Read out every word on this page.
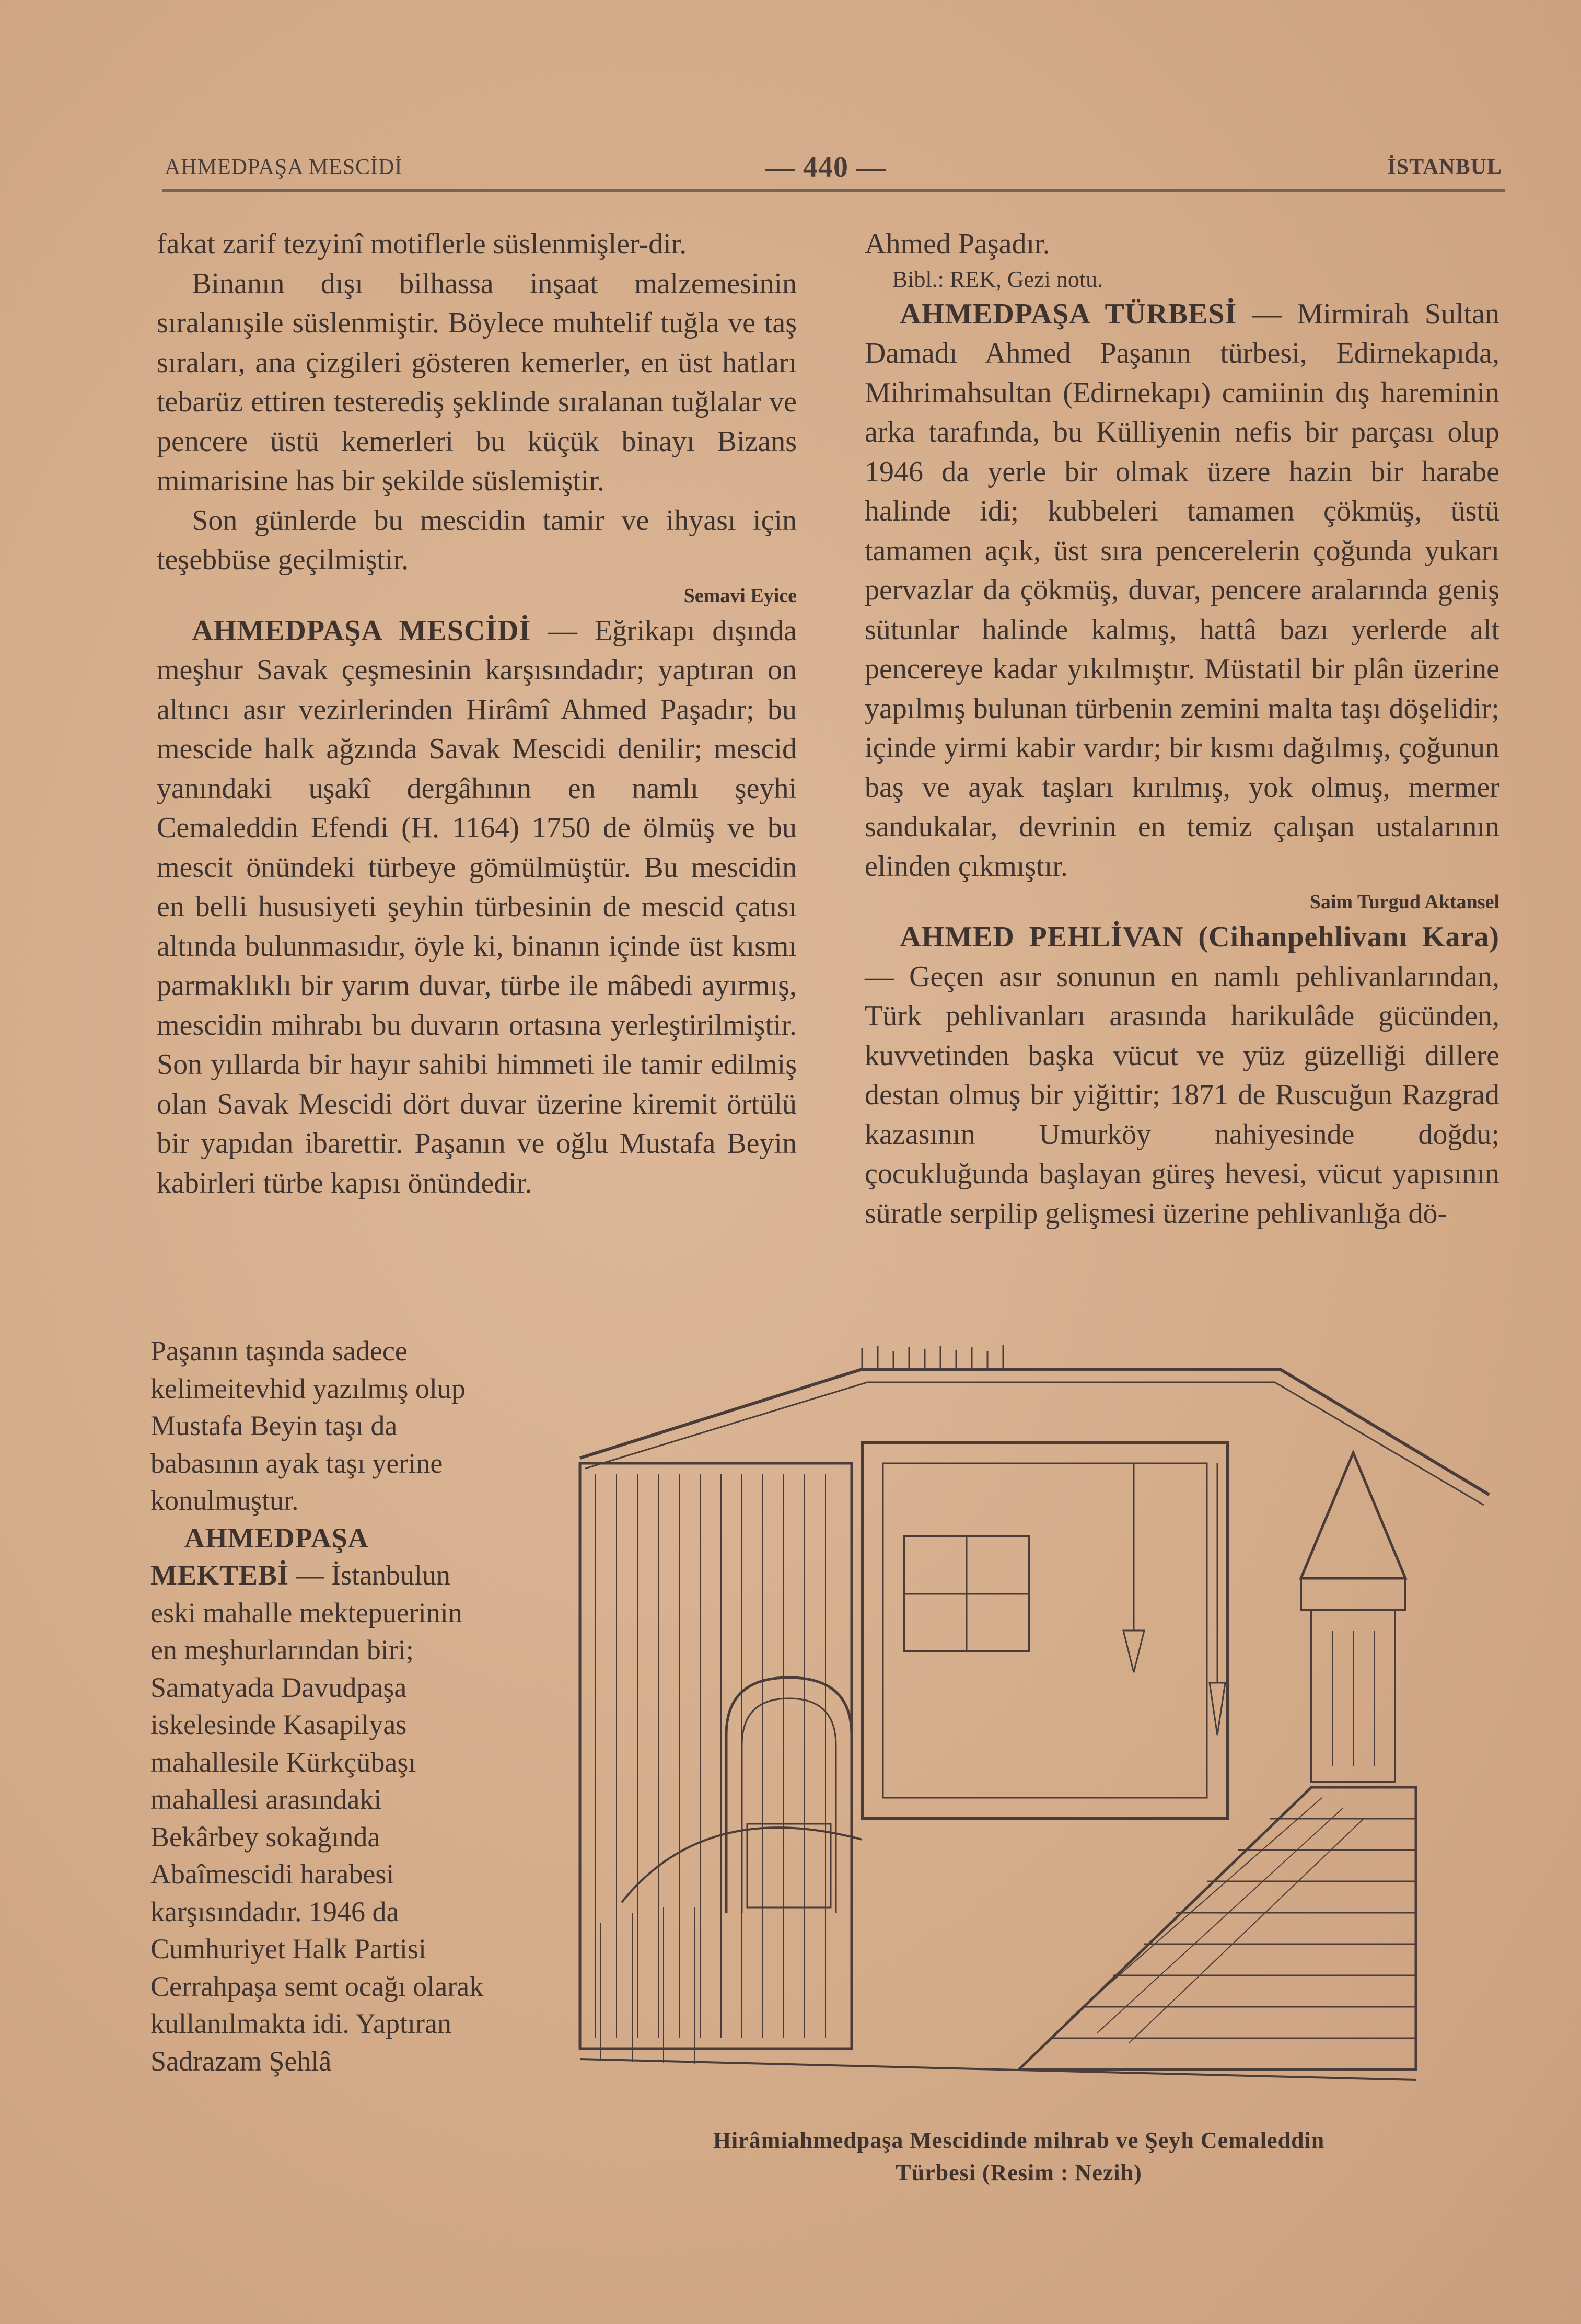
AHMEDPAŞA MESCİDİ	— 440 —	İSTANBUL

fakat zarif tezyinî motiflerle süslenmişler-dir.

Binanın dışı bilhassa inşaat malzemesinin sıralanışile süslenmiştir. Böylece muhtelif tuğla ve taş sıraları, ana çizgileri gösteren kemerler, en üst hatları tebarüz ettiren testerediş şeklinde sıralanan tuğlalar ve pencere üstü kemerleri bu küçük binayı Bizans mimarisine has bir şekilde süslemiştir.

Son günlerde bu mescidin tamir ve ihyası için teşebbüse geçilmiştir.

Semavi Eyice

AHMEDPAŞA MESCİDİ — Eğrikapı dışında meşhur Savak çeşmesinin karşısındadır; yaptıran on altıncı asır vezirlerinden Hirâmî Ahmed Paşadır; bu mescide halk ağzında Savak Mescidi denilir; mescid yanındaki uşakî dergâhının en namlı şeyhi Cemaleddin Efendi (H. 1164) 1750 de ölmüş ve bu mescit önündeki türbeye gömülmüştür. Bu mescidin en belli hususiyeti şeyhin türbesinin de mescid çatısı altında bulunmasıdır, öyle ki, binanın içinde üst kısmı parmaklıklı bir yarım duvar, türbe ile mâbedi ayırmış, mescidin mihrabı bu duvarın ortasına yerleştirilmiştir. Son yıllarda bir hayır sahibi himmeti ile tamir edilmiş olan Savak Mescidi dört duvar üzerine kiremit örtülü bir yapıdan ibarettir. Paşanın ve oğlu Mustafa Beyin kabirleri türbe kapısı önündedir.

Paşanın taşında sadece kelimeitevhid yazılmış olup Mustafa Beyin taşı da babasının ayak taşı yerine konulmuştur.

AHMEDPAŞA MEKTEBİ — İstanbulun eski mahalle mektepuerinin en meşhurlarından biri; Samatyada Davudpaşa iskelesinde Kasapilyas mahallesile Kürkçübaşı mahallesi arasındaki Bekârbey sokağında Abaîmescidi harabesi karşısındadır. 1946 da Cumhuriyet Halk Partisi Cerrahpaşa semt ocağı olarak kullanılmakta idi. Yaptıran Sadrazam Şehlâ

Ahmed Paşadır.

Bibl.: REK, Gezi notu.

AHMEDPAŞA TÜRBESİ — Mirmirah Sultan Damadı Ahmed Paşanın türbesi, Edirnekapıda, Mihrimahsultan (Edirnekapı) camiinin dış hareminin arka tarafında, bu Külliyenin nefis bir parçası olup 1946 da yerle bir olmak üzere hazin bir harabe halinde idi; kubbeleri tamamen çökmüş, üstü tamamen açık, üst sıra pencerelerin çoğunda yukarı pervazlar da çökmüş, duvar, pencere aralarında geniş sütunlar halinde kalmış, hattâ bazı yerlerde alt pencereye kadar yıkılmıştır. Müstatil bir plân üzerine yapılmış bulunan türbenin zemini malta taşı döşelidir; içinde yirmi kabir vardır; bir kısmı dağılmış, çoğunun baş ve ayak taşları kırılmış, yok olmuş, mermer sandukalar, devrinin en temiz çalışan ustalarının elinden çıkmıştır.

Saim Turgud Aktansel

AHMED PEHLİVAN (Cihanpehlivanı Kara) — Geçen asır sonunun en namlı pehlivanlarından, Türk pehlivanları arasında harikulâde gücünden, kuvvetinden başka vücut ve yüz güzelliği dillere destan olmuş bir yiğittir; 1871 de Ruscuğun Razgrad kazasının Umurköy nahiyesinde doğdu; çocukluğunda başlayan güreş hevesi, vücut yapısının süratle serpilip gelişmesi üzerine pehlivanlığa dö-

Hirâmiahmedpaşa Mescidinde mihrab ve Şeyh Cemaleddin
Türbesi (Resim : Nezih)
